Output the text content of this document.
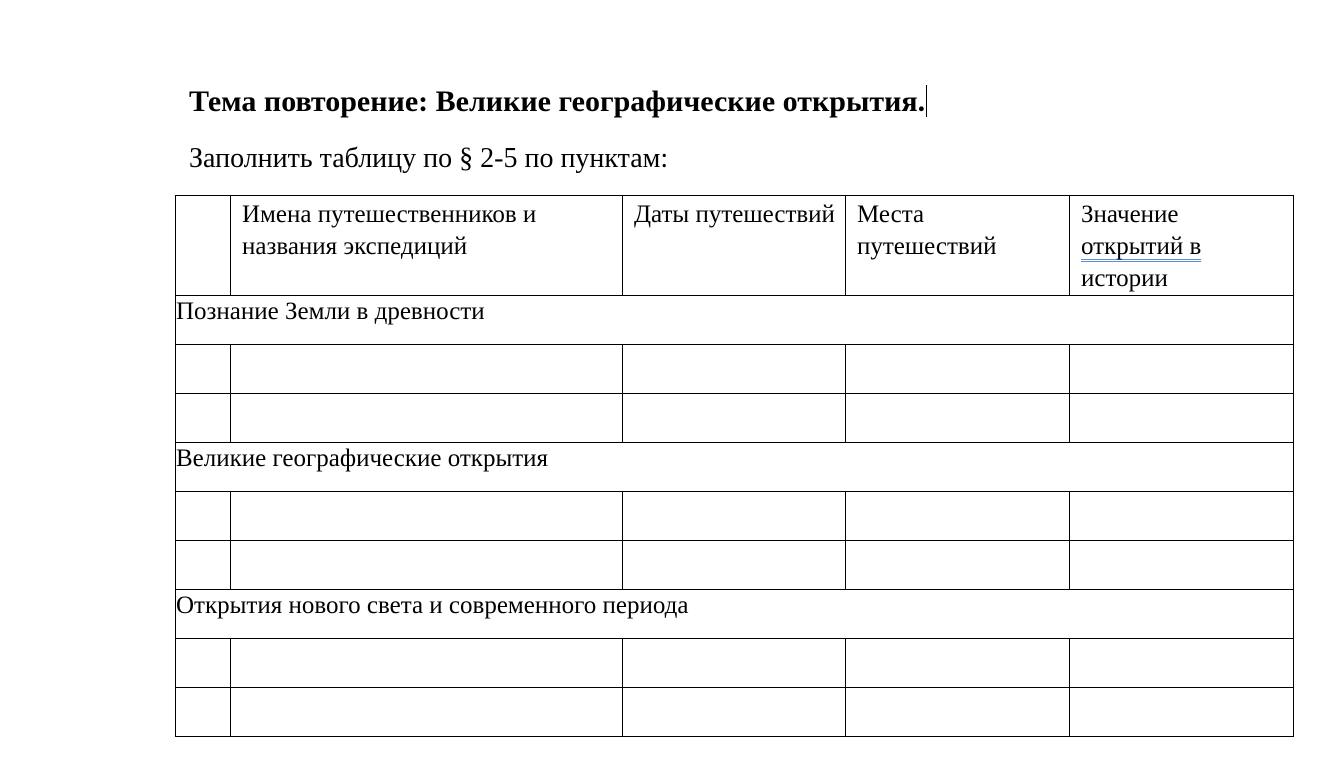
Тема повторение: Великие географические открытия.
Заполнить таблицу по § 2-5 по пунктам:

	Имена путешественников и названия экспедиций	Даты путешествий	Места путешествий	Значение открытий в истории

Познание Земли в древности				

Великие географические открытия				

Открытия нового света и современного периода				
